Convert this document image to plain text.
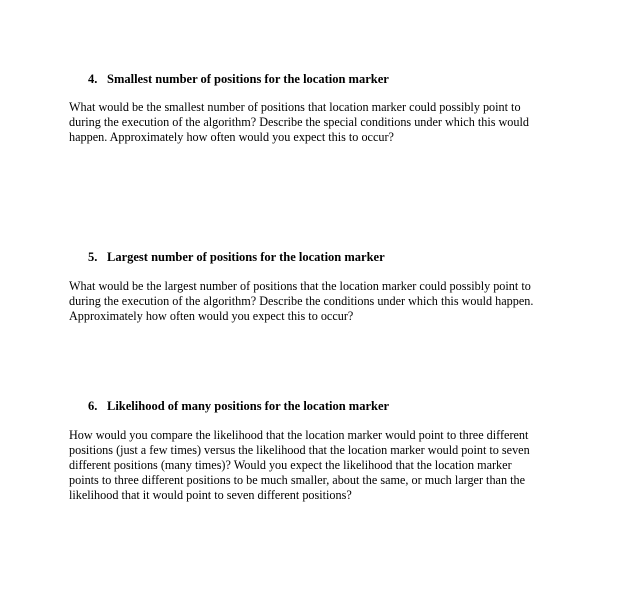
4. Smallest number of positions for the location marker
What would be the smallest number of positions that location marker could possibly point to
during the execution of the algorithm? Describe the special conditions under which this would
happen. Approximately how often would you expect this to occur?
5. Largest number of positions for the location marker
What would be the largest number of positions that the location marker could possibly point to
during the execution of the algorithm? Describe the conditions under which this would happen.
Approximately how often would you expect this to occur?
6. Likelihood of many positions for the location marker
How would you compare the likelihood that the location marker would point to three different
positions (just a few times) versus the likelihood that the location marker would point to seven
different positions (many times)? Would you expect the likelihood that the location marker
points to three different positions to be much smaller, about the same, or much larger than the
likelihood that it would point to seven different positions?
